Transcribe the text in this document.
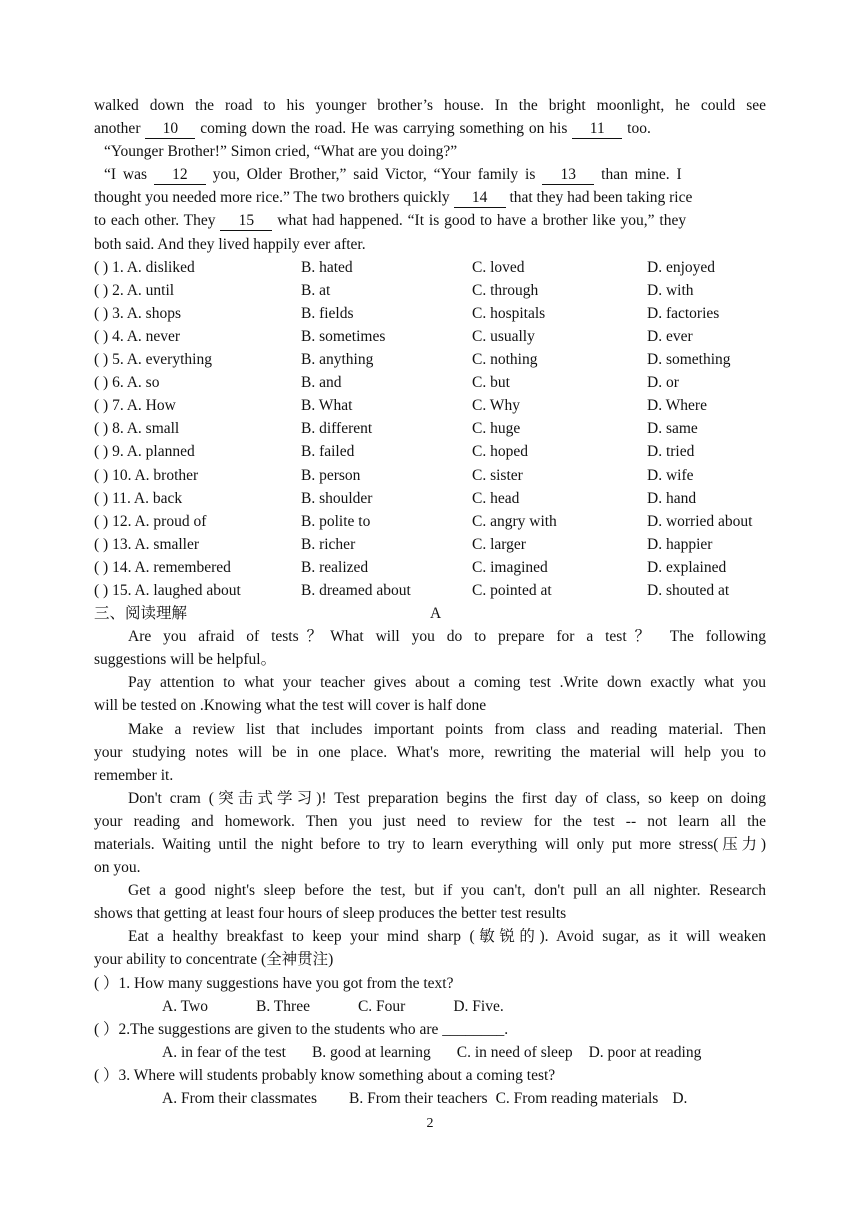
walked down the road to his younger brother’s house. In the bright moonlight, he could see
another 10 coming down the road. He was carrying something on his 11 too.
“Younger Brother!” Simon cried, “What are you doing?”
“I was 12 you, Older Brother,” said Victor, “Your family is 13 than mine. I
thought you needed more rice.” The two brothers quickly 14 that they had been taking rice
to each other. They 15 what had happened. “It is good to have a brother like you,” they
both said. And they lived happily ever after.
( ) 1. A. disliked	B. hated	C. loved	D. enjoyed
( ) 2. A. until	B. at	C. through	D. with
( ) 3. A. shops	B. fields	C. hospitals	D. factories
( ) 4. A. never	B. sometimes	C. usually	D. ever
( ) 5. A. everything	B. anything	C. nothing	D. something
( ) 6. A. so	B. and	C. but	D. or
( ) 7. A. How	B. What	C. Why	D. Where
( ) 8. A. small	B. different	C. huge	D. same
( ) 9. A. planned	B. failed	C. hoped	D. tried
( ) 10. A. brother	B. person	C. sister	D. wife
( ) 11. A. back	B. shoulder	C. head	D. hand
( ) 12. A. proud of	B. polite to	C. angry with	D. worried about
( ) 13. A. smaller	B. richer	C. larger	D. happier
( ) 14. A. remembered	B. realized	C. imagined	D. explained
( ) 15. A. laughed about	B. dreamed about	C. pointed at	D. shouted at
三、阅读理解	A
Are you afraid of tests？What will you do to prepare for a test？ The following
suggestions will be helpful。
Pay attention to what your teacher gives about a coming test .Write down exactly what you
will be tested on .Knowing what the test will cover is half done
Make a review list that includes important points from class and reading material. Then
your studying notes will be in one place. What's more, rewriting the material will help you to
remember it.
Don't cram (突击式学习)! Test preparation begins the first day of class, so keep on doing
your reading and homework. Then you just need to review for the test -- not learn all the
materials. Waiting until the night before to try to learn everything will only put more stress(压力)
on you.
Get a good night's sleep before the test, but if you can't, don't pull an all nighter. Research
shows that getting at least four hours of sleep produces the better test results
Eat a healthy breakfast to keep your mind sharp (敏锐的). Avoid sugar, as it will weaken
your ability to concentrate (全神贯注)
( ）1. How many suggestions have you got from the text?
A. Two	B. Three	C. Four	D. Five.
( ）2.The suggestions are given to the students who are ________.
A. in fear of the test B. good at learning C. in need of sleep D. poor at reading
( ）3. Where will students probably know something about a coming test?
A. From their classmates B. From their teachers C. From reading materials D.
2
